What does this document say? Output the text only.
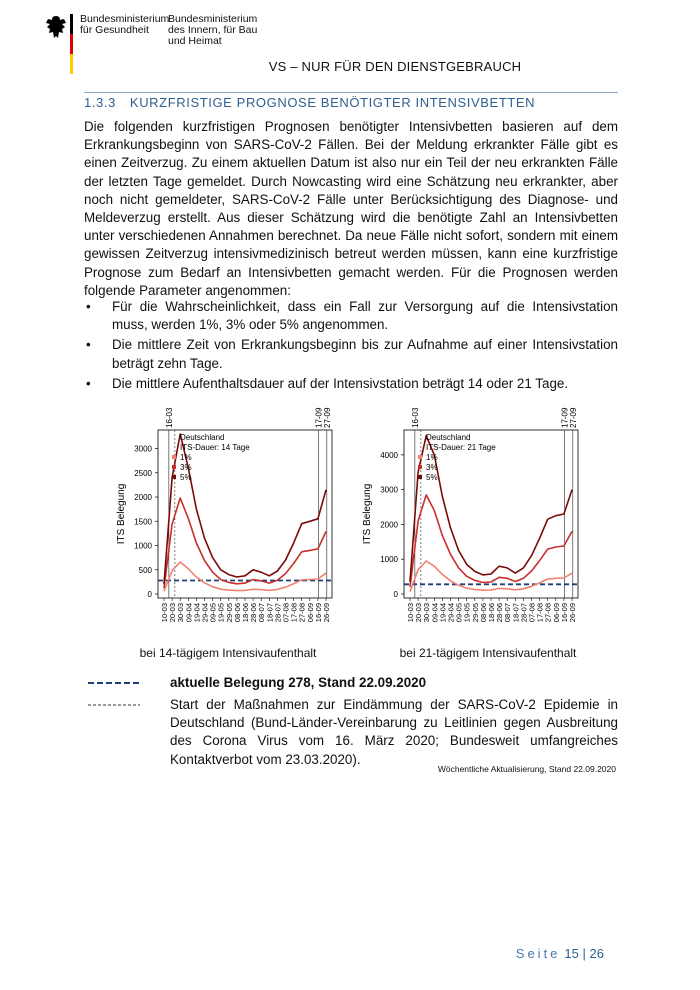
Bundesministerium
für Gesundheit
Bundesministerium
des Innern, für Bau
und Heimat
VS – NUR FÜR DEN DIENSTGEBRAUCH
1.3.3 KURZFRISTIGE PROGNOSE BENÖTIGTER INTENSIVBETTEN

Die folgenden kurzfristigen Prognosen benötigter Intensivbetten basieren auf dem Erkrankungsbeginn von SARS-CoV-2 Fällen. Bei der Meldung erkrankter Fälle gibt es einen Zeitverzug. Zu einem aktuellen Datum ist also nur ein Teil der neu erkrankten Fälle der letzten Tage gemeldet. Durch Nowcasting wird eine Schätzung neu erkrankter, aber noch nicht gemeldeter, SARS-CoV-2 Fälle unter Berücksichtigung des Diagnose- und Meldeverzug erstellt. Aus dieser Schätzung wird die benötigte Zahl an Intensivbetten unter verschiedenen Annahmen berechnet. Da neue Fälle nicht sofort, sondern mit einem gewissen Zeitverzug intensivmedizinisch betreut werden müssen, kann eine kurzfristige Prognose zum Bedarf an Intensivbetten gemacht werden. Für die Prognosen werden folgende Parameter angenommen:

• Für die Wahrscheinlichkeit, dass ein Fall zur Versorgung auf die Intensivstation muss, werden 1%, 3% oder 5% angenommen.
• Die mittlere Zeit von Erkrankungsbeginn bis zur Aufnahme auf einer Intensivstation beträgt zehn Tage.
• Die mittlere Aufenthaltsdauer auf der Intensivstation beträgt 14 oder 21 Tage.
16-03	17-09 27-09
0
500
1000
1500
2000
2500
3000
ITS Belegung
10-03 20-03 30-03 09-04 19-04 29-04 09-05 19-05 29-05 08-06 18-06 28-06 08-07 18-07 28-07 07-08 17-08 27-08 06-09 16-09 26-09
Deutschland
ITS-Dauer: 14 Tage
1%
3%
5%
16-03	17-09 27-09
0
1000
2000
3000
4000
ITS Belegung
10-03 20-03 30-03 09-04 19-04 29-04 09-05 19-05 29-05 08-06 18-06 28-06 08-07 18-07 28-07 07-08 17-08 27-08 06-09 16-09 26-09
Deutschland
ITS-Dauer: 21 Tage
1%
3%
5%
bei 14-tägigem Intensivaufenthalt	bei 21-tägigem Intensivaufenthalt
aktuelle Belegung 278, Stand 22.09.2020
Start der Maßnahmen zur Eindämmung der SARS-CoV-2 Epidemie in Deutschland (Bund-Länder-Vereinbarung zu Leitlinien gegen Ausbreitung des Corona Virus vom 16. März 2020; Bundesweit umfangreiches Kontaktverbot vom 23.03.2020).
Wöchentliche Aktualisierung, Stand 22.09.2020
Seite 15 | 26
